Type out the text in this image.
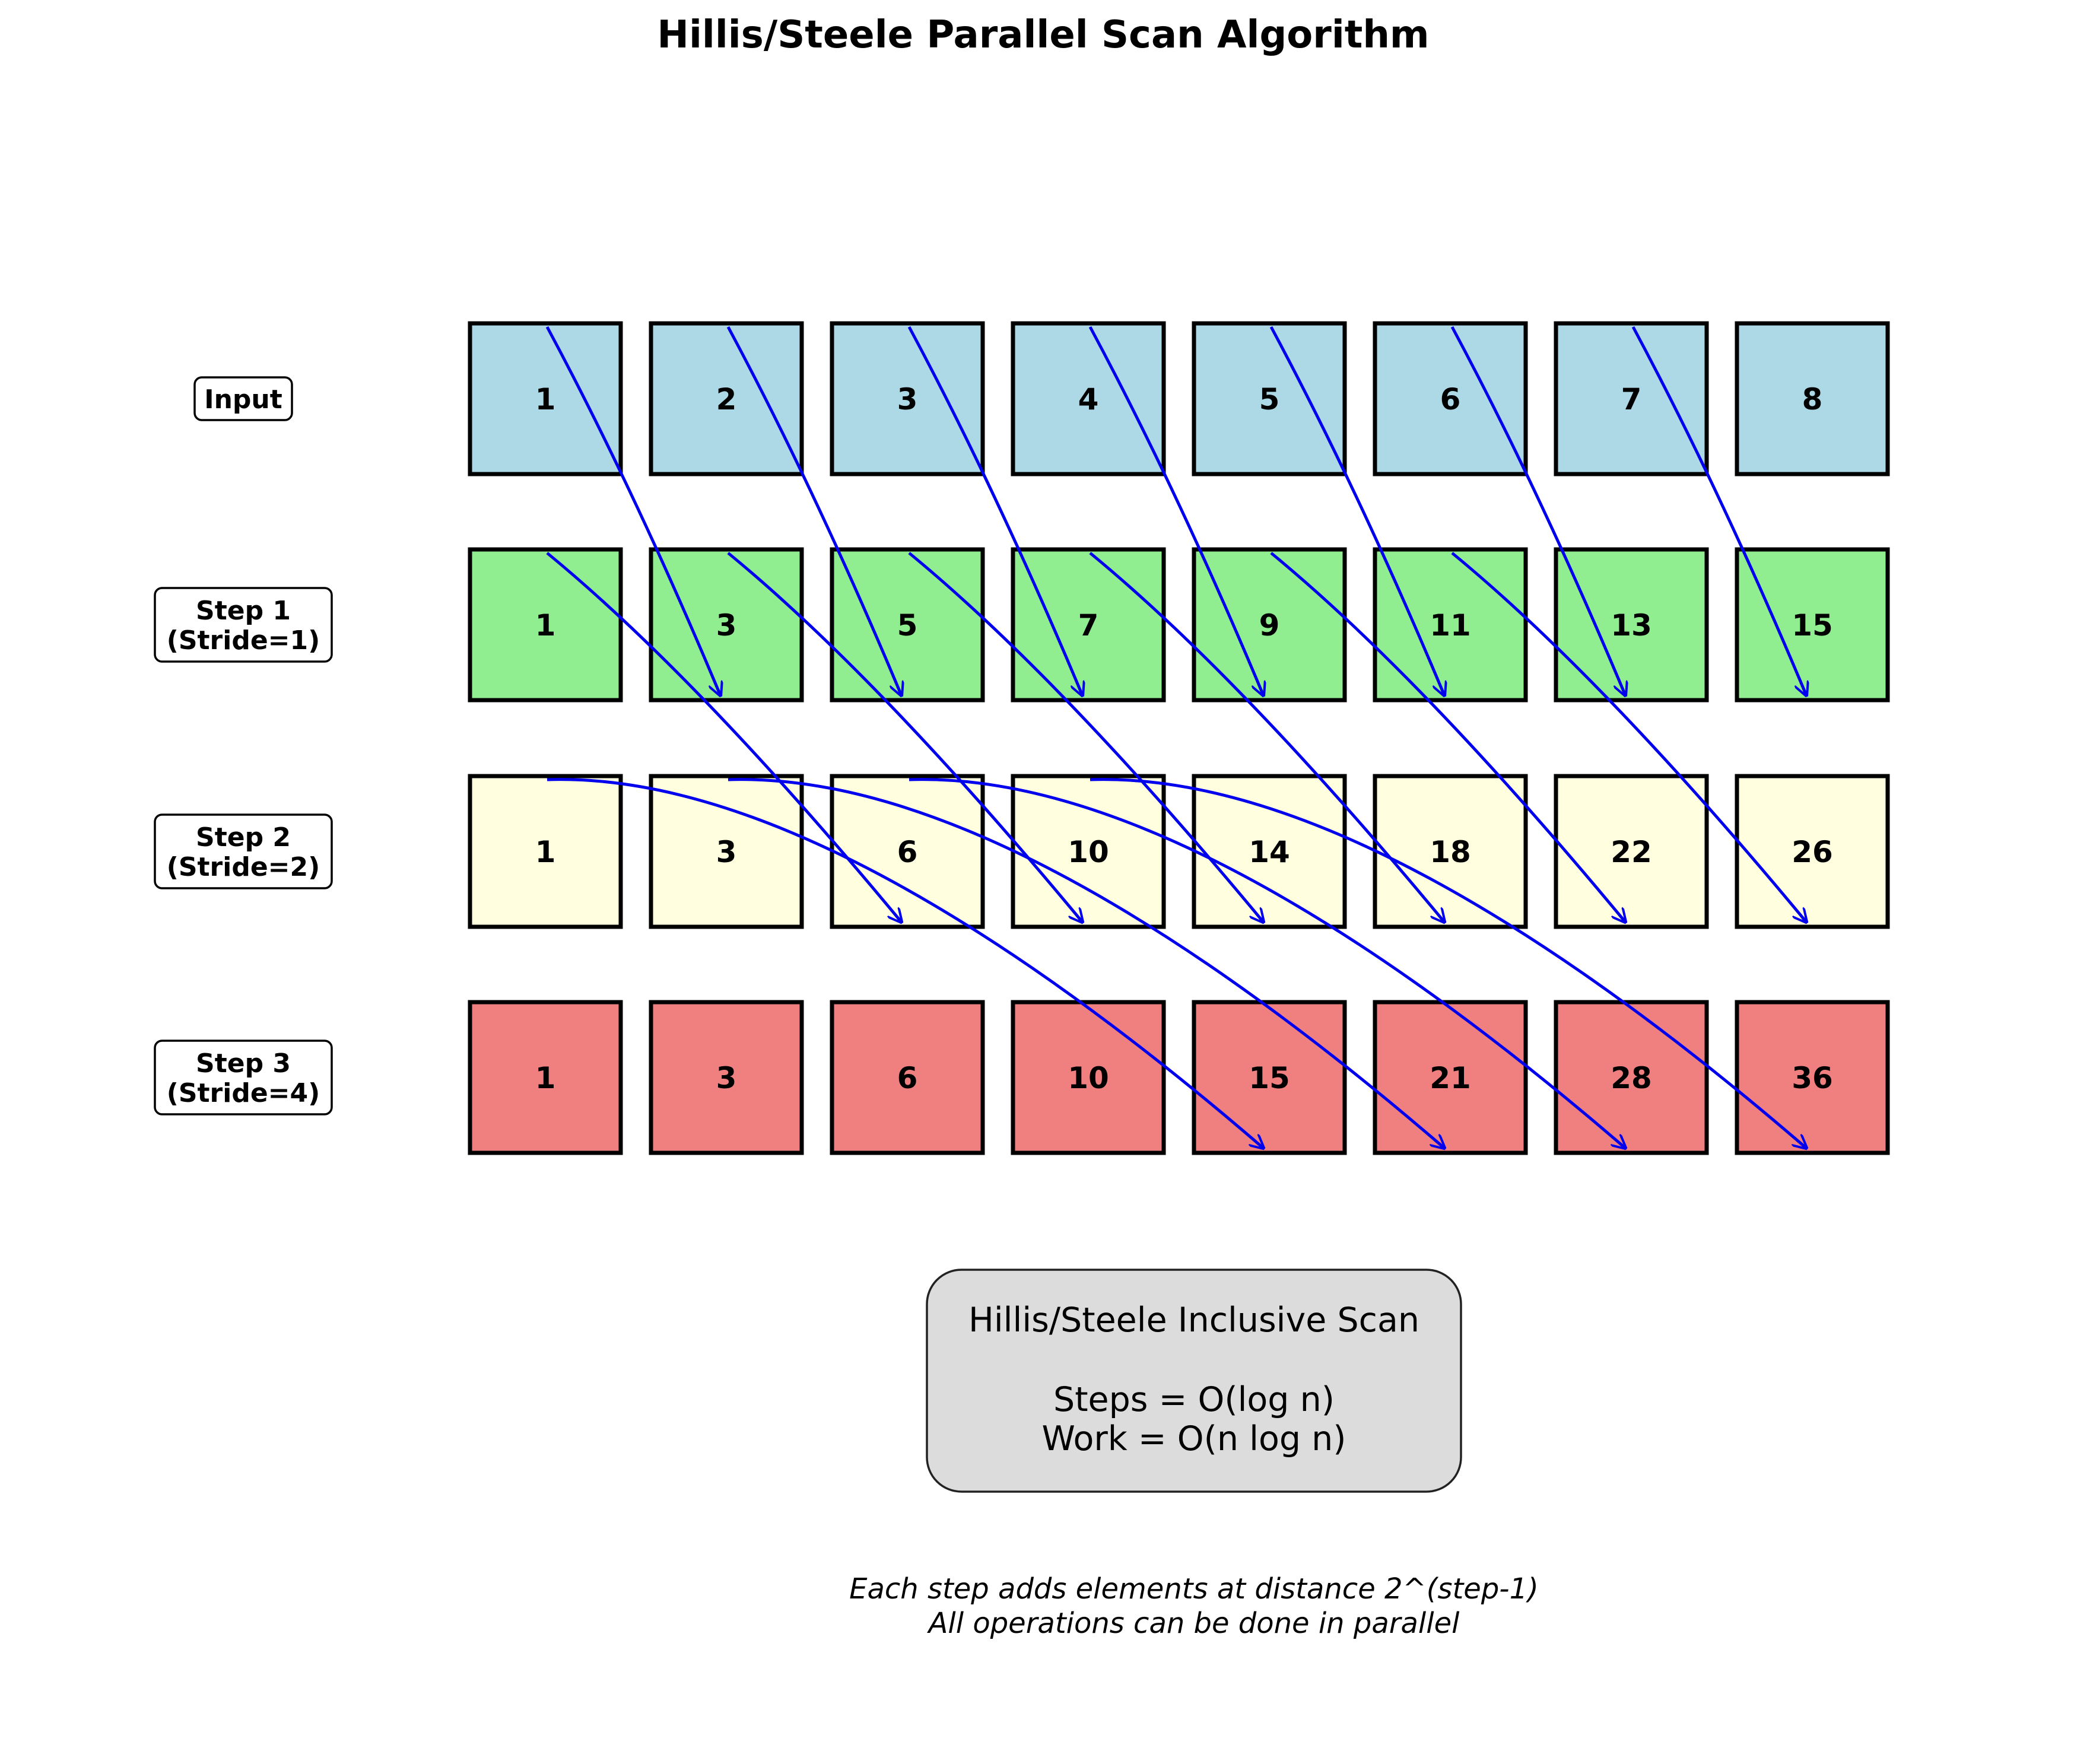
Hillis/Steele Parallel Scan Algorithm
Input
Step 1
(Stride=1)
Step 2
(Stride=2)
Step 3
(Stride=4)
1	2	3	4	5	6	7	8
1	3	5	7	9	11	13	15
1	3	6	10	14	18	22	26
1	3	6	10	15	21	28	36
Hillis/Steele Inclusive Scan
Steps = O(log n)
Work = O(n log n)
Each step adds elements at distance 2^(step-1)
All operations can be done in parallel
